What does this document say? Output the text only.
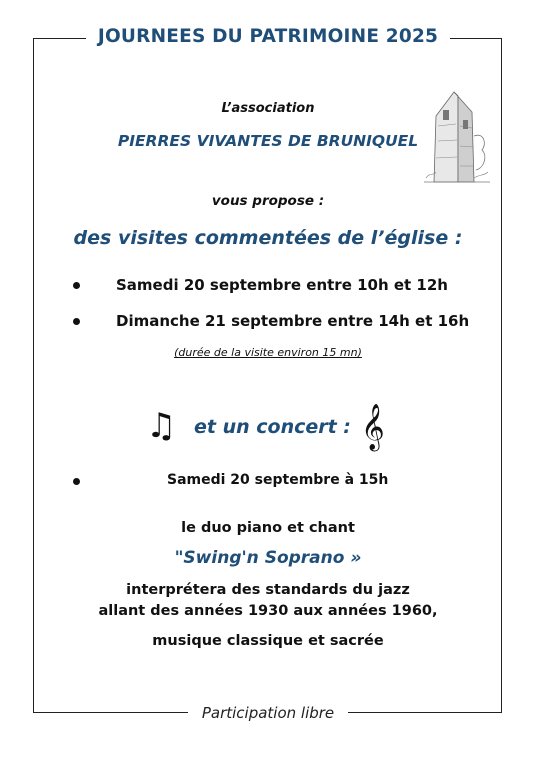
JOURNEES DU PATRIMOINE 2025
L’association
PIERRES VIVANTES DE BRUNIQUEL
vous propose :
des visites commentées de l’église :
Samedi 20 septembre entre 10h et 12h
Dimanche 21 septembre entre 14h et 16h
(durée de la visite environ 15 mn)
♫ et un concert : 𝄞
Samedi 20 septembre à 15h
le duo piano et chant
"Swing'n Soprano »
interprétera des standards du jazz
allant des années 1930 aux années 1960,
musique classique et sacrée
Participation libre
